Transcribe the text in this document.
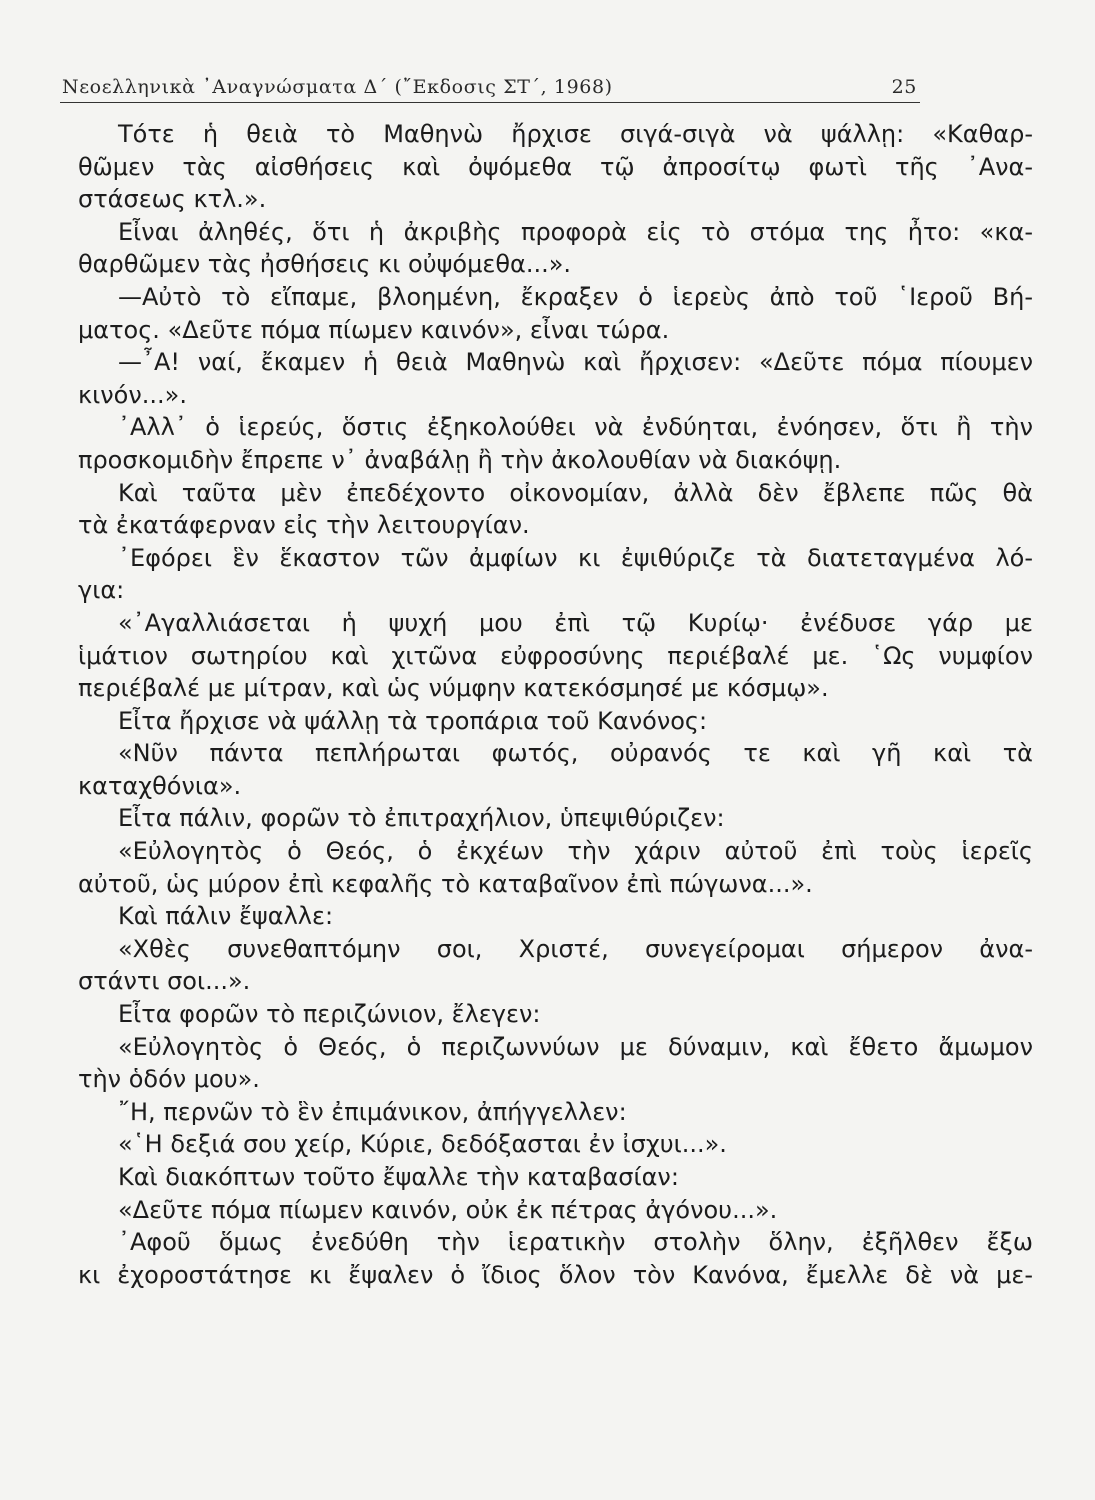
Νεοελληνικὰ ᾿Αναγνώσματα Δ´ (῎Εκδοσις ΣΤ´, 1968)	25

Τότε ἡ θειὰ τὸ Μαθηνὼ ἤρχισε σιγά-σιγὰ νὰ ψάλλῃ: «Καθαρ-

θῶμεν τὰς αἰσθήσεις καὶ ὀψόμεθα τῷ ἀπροσίτῳ φωτὶ τῆς ᾿Ανα-

στάσεως κτλ.».

Εἶναι ἀληθές, ὅτι ἡ ἀκριβὴς προφορὰ εἰς τὸ στόμα της ἦτο: «κα-

θαρθῶμεν τὰς ἠσθήσεις κι οὐψόμεθα...».

—Αὐτὸ τὸ εἴπαμε, βλοημένη, ἔκραξεν ὁ ἱερεὺς ἀπὸ τοῦ ῾Ιεροῦ Βή-

ματος. «Δεῦτε πόμα πίωμεν καινόν», εἶναι τώρα.

—῏Α! ναί, ἔκαμεν ἡ θειὰ Μαθηνὼ καὶ ἤρχισεν: «Δεῦτε πόμα πίουμεν

κινόν...».

᾿Αλλ᾿ ὁ ἱερεύς, ὅστις ἐξηκολούθει νὰ ἐνδύηται, ἐνόησεν, ὅτι ἢ τὴν

προσκομιδὴν ἔπρεπε ν᾿ ἀναβάλῃ ἢ τὴν ἀκολουθίαν νὰ διακόψῃ.

Καὶ ταῦτα μὲν ἐπεδέχοντο οἰκονομίαν, ἀλλὰ δὲν ἔβλεπε πῶς θὰ

τὰ ἐκατάφερναν εἰς τὴν λειτουργίαν.

᾿Εφόρει ἓν ἕκαστον τῶν ἀμφίων κι ἐψιθύριζε τὰ διατεταγμένα λό-

για:

«᾿Αγαλλιάσεται ἡ ψυχή μου ἐπὶ τῷ Κυρίῳ· ἐνέδυσε γάρ με

ἱμάτιον σωτηρίου καὶ χιτῶνα εὐφροσύνης περιέβαλέ με. ῾Ως νυμφίον

περιέβαλέ με μίτραν, καὶ ὡς νύμφην κατεκόσμησέ με κόσμῳ».

Εἶτα ἤρχισε νὰ ψάλλῃ τὰ τροπάρια τοῦ Κανόνος:

«Νῦν πάντα πεπλήρωται φωτός, οὐρανός τε καὶ γῆ καὶ τὰ

καταχθόνια».

Εἶτα πάλιν, φορῶν τὸ ἐπιτραχήλιον, ὑπεψιθύριζεν:

«Εὐλογητὸς ὁ Θεός, ὁ ἐκχέων τὴν χάριν αὐτοῦ ἐπὶ τοὺς ἱερεῖς

αὐτοῦ, ὡς μύρον ἐπὶ κεφαλῆς τὸ καταβαῖνον ἐπὶ πώγωνα...».

Καὶ πάλιν ἔψαλλε:

«Χθὲς συνεθαπτόμην σοι, Χριστέ, συνεγείρομαι σήμερον ἀνα-

στάντι σοι...».

Εἶτα φορῶν τὸ περιζώνιον, ἔλεγεν:

«Εὐλογητὸς ὁ Θεός, ὁ περιζωννύων με δύναμιν, καὶ ἔθετο ἄμωμον

τὴν ὁδόν μου».

῎Η, περνῶν τὸ ἓν ἐπιμάνικον, ἀπήγγελλεν:

«῾Η δεξιά σου χείρ, Κύριε, δεδόξασται ἐν ἰσχυι...».

Καὶ διακόπτων τοῦτο ἔψαλλε τὴν καταβασίαν:

«Δεῦτε πόμα πίωμεν καινόν, οὐκ ἐκ πέτρας ἀγόνου...».

᾿Αφοῦ ὅμως ἐνεδύθη τὴν ἱερατικὴν στολὴν ὅλην, ἐξῆλθεν ἔξω

κι ἐχοροστάτησε κι ἔψαλεν ὁ ἴδιος ὅλον τὸν Κανόνα, ἔμελλε δὲ νὰ με-
